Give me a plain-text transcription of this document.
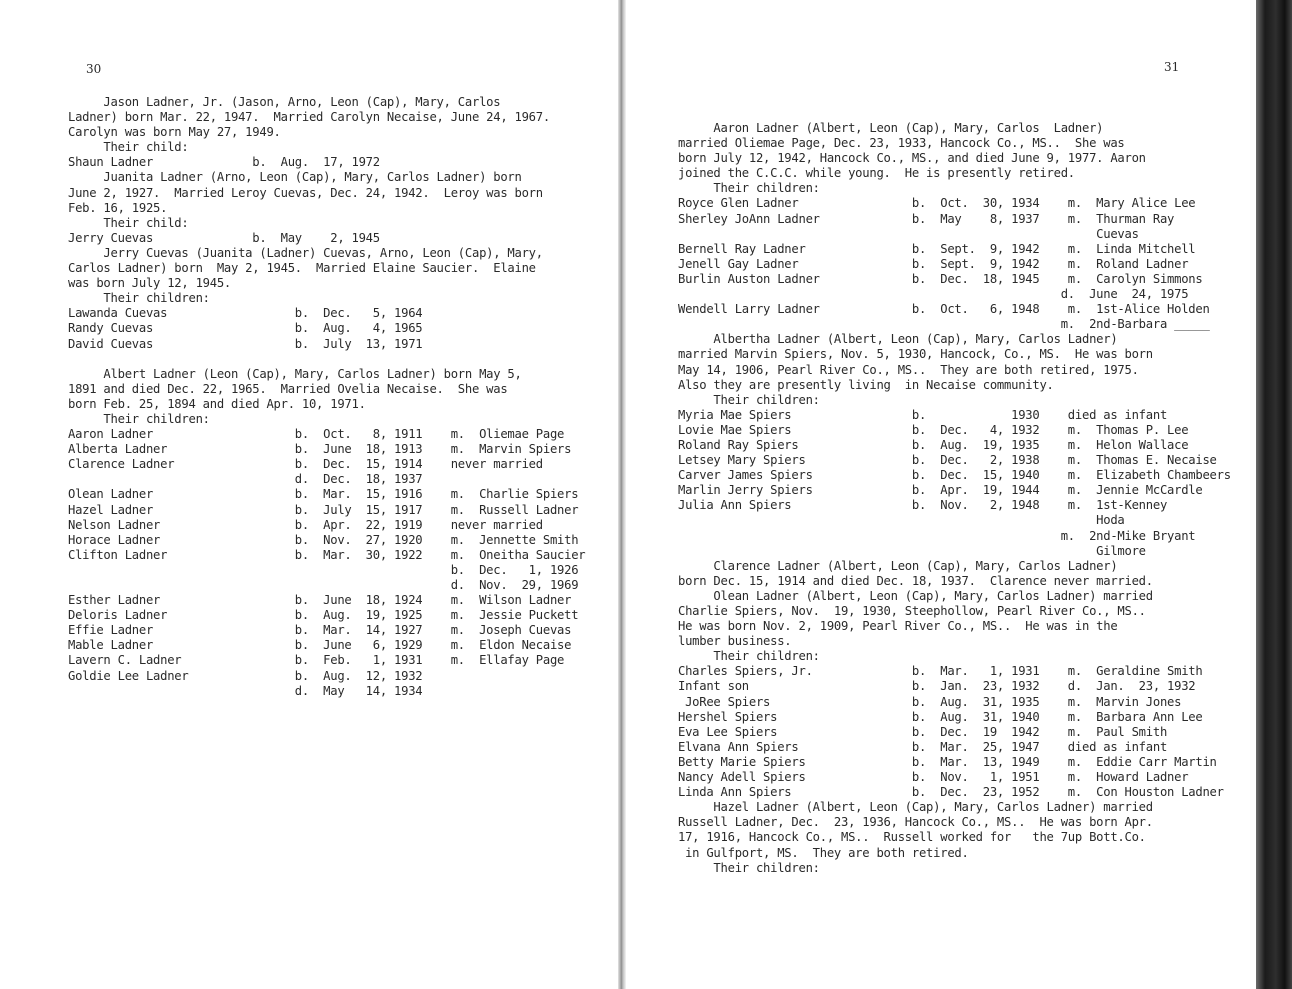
30
Jason Ladner, Jr. (Jason, Arno, Leon (Cap), Mary, Carlos
Ladner) born Mar. 22, 1947.  Married Carolyn Necaise, June 24, 1967.
Carolyn was born May 27, 1949.
Their child:
Shaun Ladner              b.  Aug.  17, 1972
Juanita Ladner (Arno, Leon (Cap), Mary, Carlos Ladner) born
June 2, 1927.  Married Leroy Cuevas, Dec. 24, 1942.  Leroy was born
Feb. 16, 1925.
Their child:
Jerry Cuevas              b.  May    2, 1945
Jerry Cuevas (Juanita (Ladner) Cuevas, Arno, Leon (Cap), Mary,
Carlos Ladner) born  May 2, 1945.  Married Elaine Saucier.  Elaine
was born July 12, 1945.
Their children:
Lawanda Cuevas                  b.  Dec.   5, 1964
Randy Cuevas                    b.  Aug.   4, 1965
David Cuevas                    b.  July  13, 1971
Albert Ladner (Leon (Cap), Mary, Carlos Ladner) born May 5,
1891 and died Dec. 22, 1965.  Married Ovelia Necaise.  She was
born Feb. 25, 1894 and died Apr. 10, 1971.
Their children:
Aaron Ladner                    b.  Oct.   8, 1911    m.  Oliemae Page
Alberta Ladner                  b.  June  18, 1913    m.  Marvin Spiers
Clarence Ladner                 b.  Dec.  15, 1914    never married
d.  Dec.  18, 1937
Olean Ladner                    b.  Mar.  15, 1916    m.  Charlie Spiers
Hazel Ladner                    b.  July  15, 1917    m.  Russell Ladner
Nelson Ladner                   b.  Apr.  22, 1919    never married
Horace Ladner                   b.  Nov.  27, 1920    m.  Jennette Smith
Clifton Ladner                  b.  Mar.  30, 1922    m.  Oneitha Saucier
b.  Dec.   1, 1926
d.  Nov.  29, 1969
Esther Ladner                   b.  June  18, 1924    m.  Wilson Ladner
Deloris Ladner                  b.  Aug.  19, 1925    m.  Jessie Puckett
Effie Ladner                    b.  Mar.  14, 1927    m.  Joseph Cuevas
Mable Ladner                    b.  June   6, 1929    m.  Eldon Necaise
Lavern C. Ladner                b.  Feb.   1, 1931    m.  Ellafay Page
Goldie Lee Ladner               b.  Aug.  12, 1932
d.  May   14, 1934
31
Aaron Ladner (Albert, Leon (Cap), Mary, Carlos  Ladner)
married Oliemae Page, Dec. 23, 1933, Hancock Co., MS..  She was
born July 12, 1942, Hancock Co., MS., and died June 9, 1977. Aaron
joined the C.C.C. while young.  He is presently retired.
Their children:
Royce Glen Ladner                b.  Oct.  30, 1934    m.  Mary Alice Lee
Sherley JoAnn Ladner             b.  May    8, 1937    m.  Thurman Ray
Cuevas
Bernell Ray Ladner               b.  Sept.  9, 1942    m.  Linda Mitchell
Jenell Gay Ladner                b.  Sept.  9, 1942    m.  Roland Ladner
Burlin Auston Ladner             b.  Dec.  18, 1945    m.  Carolyn Simmons
d.  June  24, 1975
Wendell Larry Ladner             b.  Oct.   6, 1948    m.  1st-Alice Holden
m.  2nd-Barbara _____
Albertha Ladner (Albert, Leon (Cap), Mary, Carlos Ladner)
married Marvin Spiers, Nov. 5, 1930, Hancock, Co., MS.  He was born
May 14, 1906, Pearl River Co., MS..  They are both retired, 1975.
Also they are presently living  in Necaise community.
Their children:
Myria Mae Spiers                 b.            1930    died as infant
Lovie Mae Spiers                 b.  Dec.   4, 1932    m.  Thomas P. Lee
Roland Ray Spiers                b.  Aug.  19, 1935    m.  Helon Wallace
Letsey Mary Spiers               b.  Dec.   2, 1938    m.  Thomas E. Necaise
Carver James Spiers              b.  Dec.  15, 1940    m.  Elizabeth Chambeers
Marlin Jerry Spiers              b.  Apr.  19, 1944    m.  Jennie McCardle
Julia Ann Spiers                 b.  Nov.   2, 1948    m.  1st-Kenney
Hoda
m.  2nd-Mike Bryant
Gilmore
Clarence Ladner (Albert, Leon (Cap), Mary, Carlos Ladner)
born Dec. 15, 1914 and died Dec. 18, 1937.  Clarence never married.
Olean Ladner (Albert, Leon (Cap), Mary, Carlos Ladner) married
Charlie Spiers, Nov.  19, 1930, Steephollow, Pearl River Co., MS..
He was born Nov. 2, 1909, Pearl River Co., MS..  He was in the
lumber business.
Their children:
Charles Spiers, Jr.              b.  Mar.   1, 1931    m.  Geraldine Smith
Infant son                       b.  Jan.  23, 1932    d.  Jan.  23, 1932
JoRee Spiers                    b.  Aug.  31, 1935    m.  Marvin Jones
Hershel Spiers                   b.  Aug.  31, 1940    m.  Barbara Ann Lee
Eva Lee Spiers                   b.  Dec.  19  1942    m.  Paul Smith
Elvana Ann Spiers                b.  Mar.  25, 1947    died as infant
Betty Marie Spiers               b.  Mar.  13, 1949    m.  Eddie Carr Martin
Nancy Adell Spiers               b.  Nov.   1, 1951    m.  Howard Ladner
Linda Ann Spiers                 b.  Dec.  23, 1952    m.  Con Houston Ladner
Hazel Ladner (Albert, Leon (Cap), Mary, Carlos Ladner) married
Russell Ladner, Dec.  23, 1936, Hancock Co., MS..  He was born Apr.
17, 1916, Hancock Co., MS..  Russell worked for   the 7up Bott.Co.
in Gulfport, MS.  They are both retired.
Their children:
